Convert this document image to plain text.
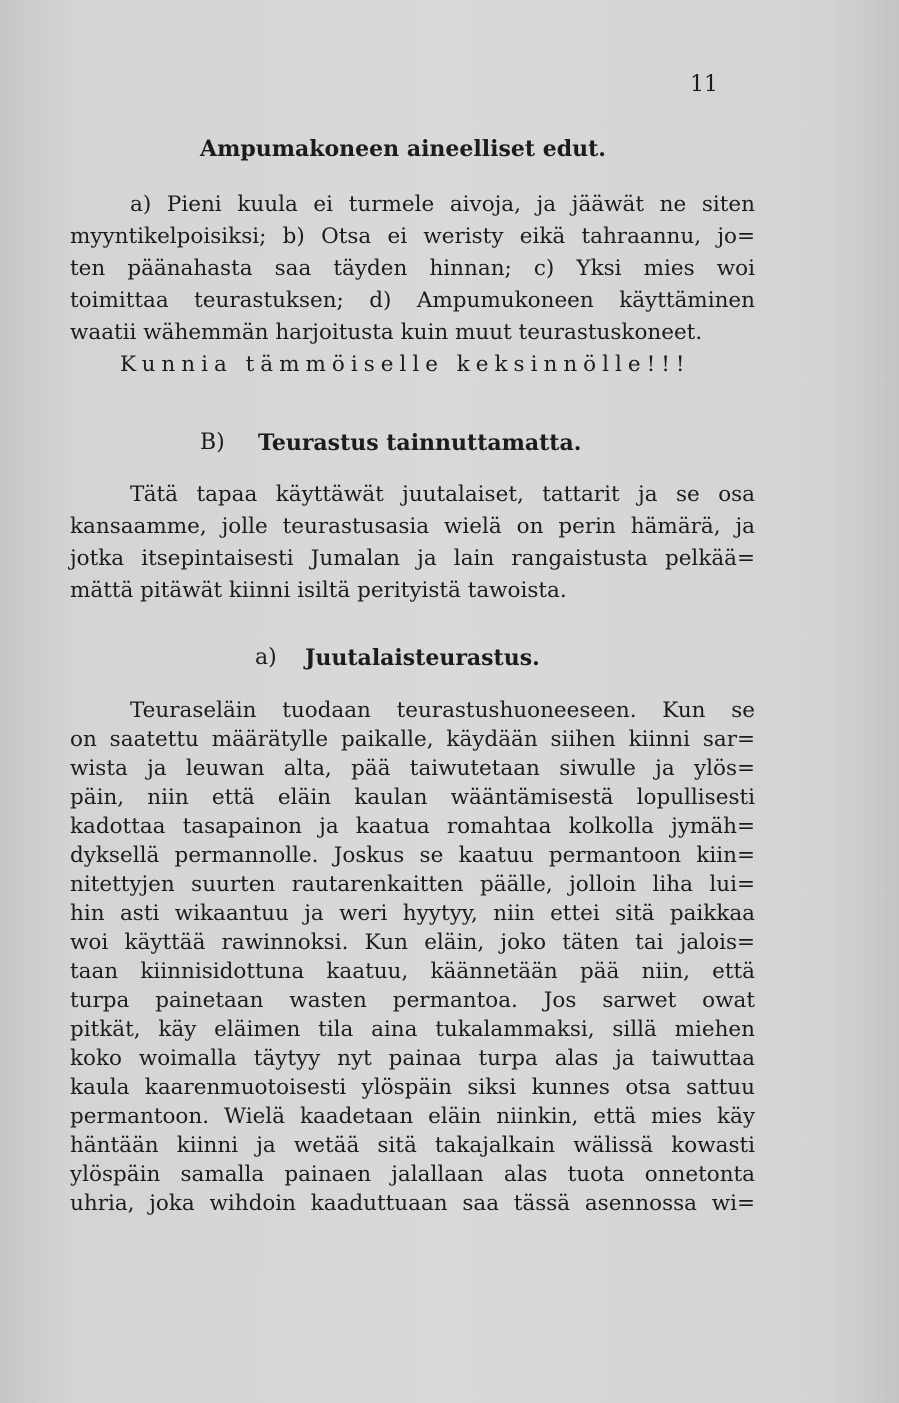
11
Ampumakoneen aineelliset edut.
a) Pieni kuula ei turmele aivoja, ja jääwät ne siten
myyntikelpoisiksi; b) Otsa ei weristy eikä tahraannu, jo=
ten päänahasta saa täyden hinnan; c) Yksi mies woi
toimittaa teurastuksen; d) Ampumukoneen käyttäminen
waatii wähemmän harjoitusta kuin muut teurastuskoneet.
Kunnia tämmöiselle keksinnölle!!!
B) Teurastus tainnuttamatta.
Tätä tapaa käyttäwät juutalaiset, tattarit ja se osa
kansaamme, jolle teurastusasia wielä on perin hämärä, ja
jotka itsepintaisesti Jumalan ja lain rangaistusta pelkää=
mättä pitäwät kiinni isiltä perityistä tawoista.
a) Juutalaisteurastus.
Teuraseläin tuodaan teurastushuoneeseen. Kun se
on saatettu määrätylle paikalle, käydään siihen kiinni sar=
wista ja leuwan alta, pää taiwutetaan siwulle ja ylös=
päin, niin että eläin kaulan wääntämisestä lopullisesti
kadottaa tasapainon ja kaatua romahtaa kolkolla jymäh=
dyksellä permannolle. Joskus se kaatuu permantoon kiin=
nitettyjen suurten rautarenkaitten päälle, jolloin liha lui=
hin asti wikaantuu ja weri hyytyy, niin ettei sitä paikkaa
woi käyttää rawinnoksi. Kun eläin, joko täten tai jalois=
taan kiinnisidottuna kaatuu, käännetään pää niin, että
turpa painetaan wasten permantoa. Jos sarwet owat
pitkät, käy eläimen tila aina tukalammaksi, sillä miehen
koko woimalla täytyy nyt painaa turpa alas ja taiwuttaa
kaula kaarenmuotoisesti ylöspäin siksi kunnes otsa sattuu
permantoon. Wielä kaadetaan eläin niinkin, että mies käy
häntään kiinni ja wetää sitä takajalkain wälissä kowasti
ylöspäin samalla painaen jalallaan alas tuota onnetonta
uhria, joka wihdoin kaaduttuaan saa tässä asennossa wi=
